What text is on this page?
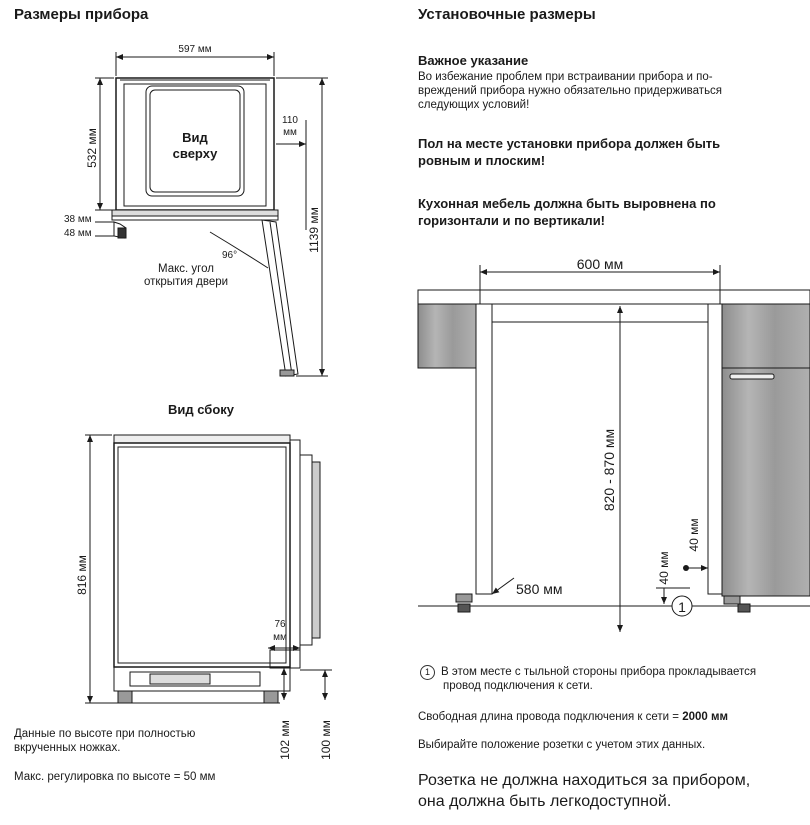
Размеры прибора
Вид сбоку
Данные по высоте при полностью
вкрученных ножках.
Макс. регулировка по высоте = 50 мм
Установочные размеры
Важное указание
Во избежание проблем при встраивании прибора и по-
вреждений прибора нужно обязательно придерживаться
следующих условий!
Пол на месте установки прибора должен быть
ровным и плоским!
Кухонная мебель должна быть выровнена по
горизонтали и по вертикали!
1 В этом месте с тыльной стороны прибора прокладывается
провод подключения к сети.
Свободная длина провода подключения к сети = 2000 мм
Выбирайте положение розетки с учетом этих данных.
Розетка не должна находиться за прибором,
она должна быть легкодоступной.
597 мм
532 мм
38 мм
48 мм
Вид
сверху
110
мм
1139 мм
96°
Макс. угол
открытия двери
816 мм
76
мм
102 мм 100 мм
600 мм
820 - 870 мм
580 мм
40 мм
40 мм
1
